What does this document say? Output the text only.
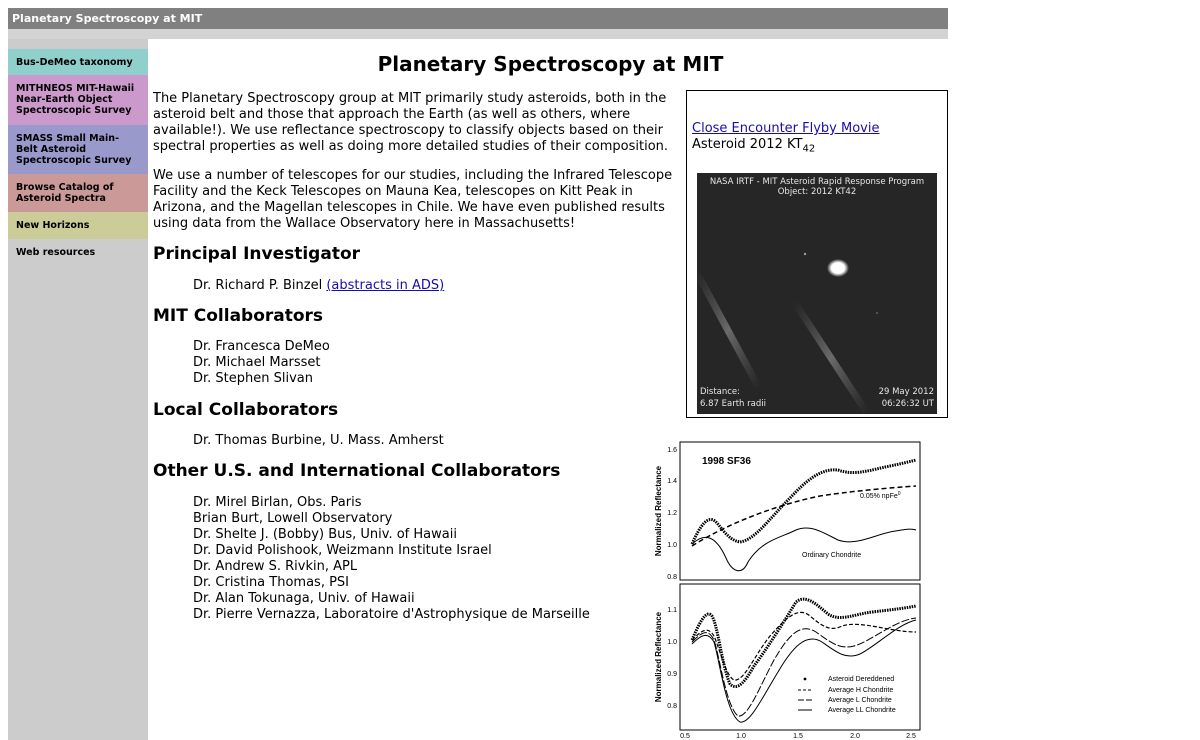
Planetary Spectroscopy at MIT
Bus-DeMeo taxonomy
MITHNEOS MIT-Hawaii Near-Earth Object Spectroscopic Survey
SMASS Small Main-Belt Asteroid Spectroscopic Survey
Browse Catalog of Asteroid Spectra
New Horizons
Web resources
Planetary Spectroscopy at MIT

The Planetary Spectroscopy group at MIT primarily study asteroids, both in the asteroid belt and those that approach the Earth (as well as others, where available!). We use reflectance spectroscopy to classify objects based on their spectral properties as well as doing more detailed studies of their composition.

We use a number of telescopes for our studies, including the Infrared Telescope Facility and the Keck Telescopes on Mauna Kea, telescopes on Kitt Peak in Arizona, and the Magellan telescopes in Chile. We have even published results using data from the Wallace Observatory here in Massachusetts!

Principal Investigator
Dr. Richard P. Binzel (abstracts in ADS)
MIT Collaborators
Dr. Francesca DeMeo
Dr. Michael Marsset
Dr. Stephen Slivan
Local Collaborators
Dr. Thomas Burbine, U. Mass. Amherst
Other U.S. and International Collaborators
Dr. Mirel Birlan, Obs. Paris
Brian Burt, Lowell Observatory
Dr. Shelte J. (Bobby) Bus, Univ. of Hawaii
Dr. David Polishook, Weizmann Institute Israel
Dr. Andrew S. Rivkin, APL
Dr. Cristina Thomas, PSI
Dr. Alan Tokunaga, Univ. of Hawaii
Dr. Pierre Vernazza, Laboratoire d'Astrophysique de Marseille
Close Encounter Flyby Movie
Asteroid 2012 $KT_{42}$
NASA IRTF - MIT Asteroid Rapid Response Program
Object: 2012 KT42
Distance:
6.87 Earth radii
29 May 2012
06:26:32 UT
Normalized Reflectance
Normalized Reflectance
1.6
1.4
1.2
1.0
0.8
1.1
1.0
0.9
0.8
0.5	1.0	1.5	2.0	2.5
1998 SF36
0.05% npFe$^0$
Ordinary Chondrite
Asteroid Dereddened
Average H Chondrite
Average L Chondrite
Average LL Chondrite
